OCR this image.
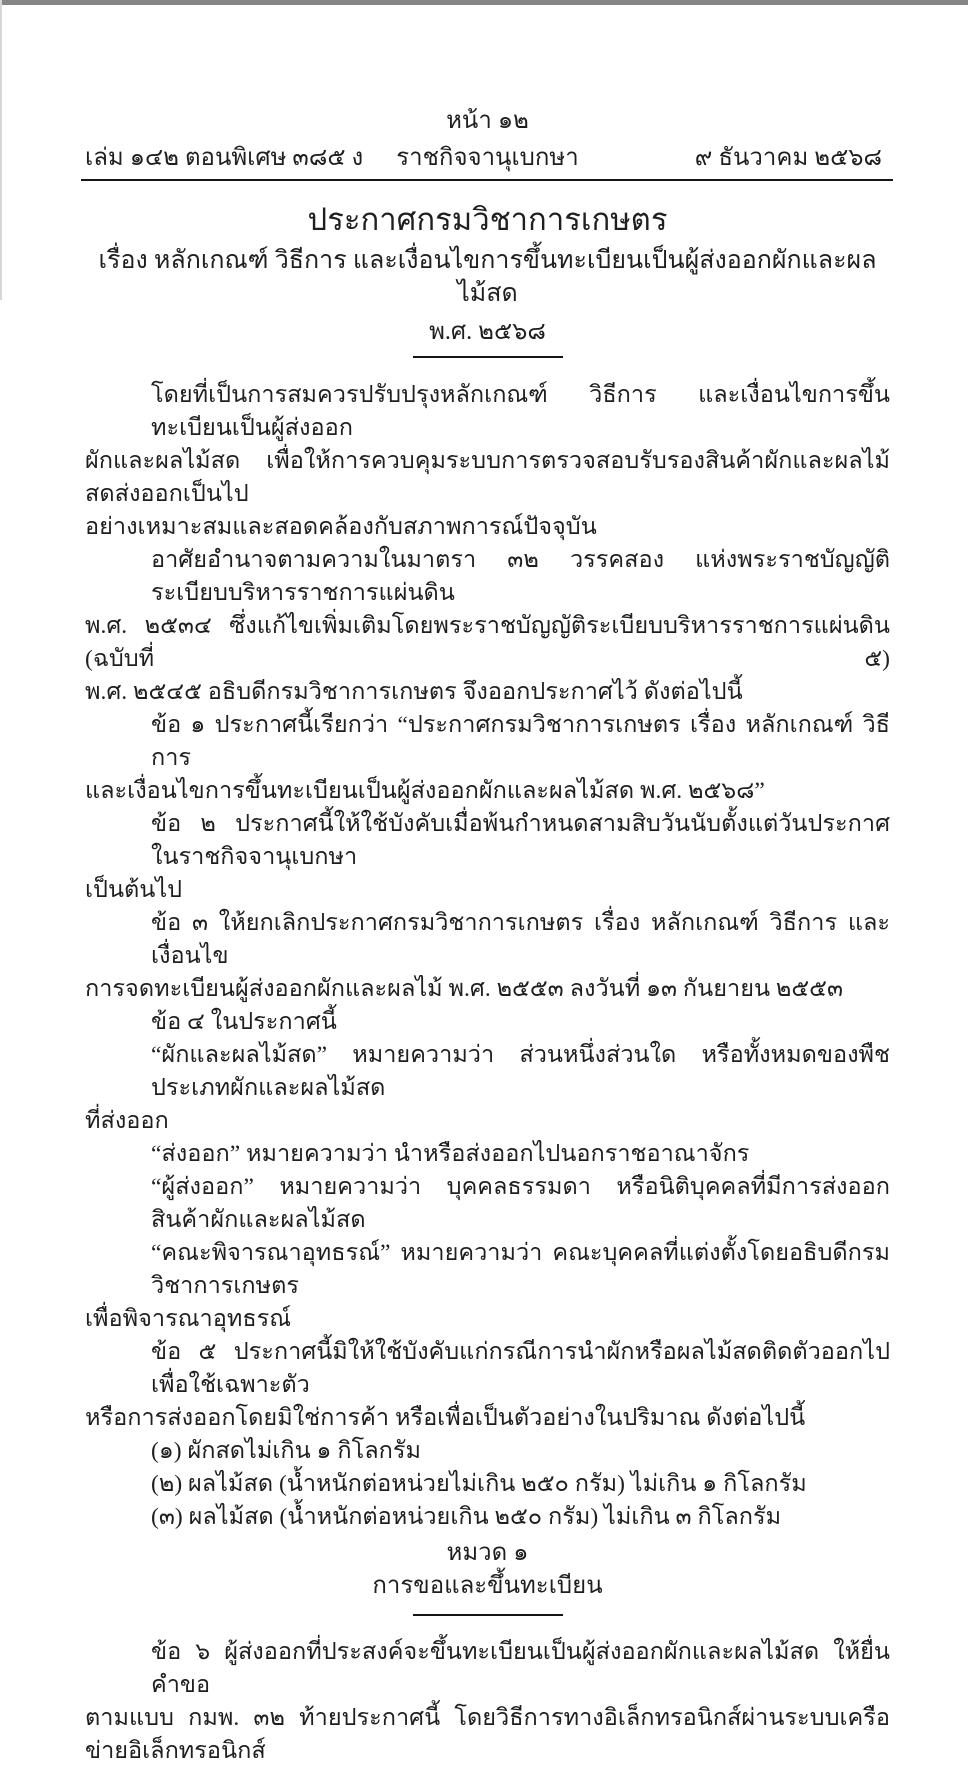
หน้า ๑๒
เล่ม ๑๔๒ ตอนพิเศษ ๓๘๕ ง	ราชกิจจานุเบกษา	๙ ธันวาคม ๒๕๖๘
ประกาศกรมวิชาการเกษตร
เรื่อง หลักเกณฑ์ วิธีการ และเงื่อนไขการขึ้นทะเบียนเป็นผู้ส่งออกผักและผลไม้สด
พ.ศ. ๒๕๖๘
โดยที่เป็นการสมควรปรับปรุงหลักเกณฑ์ วิธีการ และเงื่อนไขการขึ้นทะเบียนเป็นผู้ส่งออก
ผักและผลไม้สด เพื่อให้การควบคุมระบบการตรวจสอบรับรองสินค้าผักและผลไม้สดส่งออกเป็นไป
อย่างเหมาะสมและสอดคล้องกับสภาพการณ์ปัจจุบัน
อาศัยอำนาจตามความในมาตรา ๓๒ วรรคสอง แห่งพระราชบัญญัติระเบียบบริหารราชการแผ่นดิน
พ.ศ. ๒๕๓๔ ซึ่งแก้ไขเพิ่มเติมโดยพระราชบัญญัติระเบียบบริหารราชการแผ่นดิน (ฉบับที่ ๕)
พ.ศ. ๒๕๔๕ อธิบดีกรมวิชาการเกษตร จึงออกประกาศไว้ ดังต่อไปนี้
ข้อ ๑ ประกาศนี้เรียกว่า “ประกาศกรมวิชาการเกษตร เรื่อง หลักเกณฑ์ วิธีการ
และเงื่อนไขการขึ้นทะเบียนเป็นผู้ส่งออกผักและผลไม้สด พ.ศ. ๒๕๖๘”
ข้อ ๒ ประกาศนี้ให้ใช้บังคับเมื่อพ้นกำหนดสามสิบวันนับตั้งแต่วันประกาศในราชกิจจานุเบกษา
เป็นต้นไป
ข้อ ๓ ให้ยกเลิกประกาศกรมวิชาการเกษตร เรื่อง หลักเกณฑ์ วิธีการ และเงื่อนไข
การจดทะเบียนผู้ส่งออกผักและผลไม้ พ.ศ. ๒๕๕๓ ลงวันที่ ๑๓ กันยายน ๒๕๕๓
ข้อ ๔ ในประกาศนี้
“ผักและผลไม้สด” หมายความว่า ส่วนหนึ่งส่วนใด หรือทั้งหมดของพืชประเภทผักและผลไม้สด
ที่ส่งออก
“ส่งออก” หมายความว่า นำหรือส่งออกไปนอกราชอาณาจักร
“ผู้ส่งออก” หมายความว่า บุคคลธรรมดา หรือนิติบุคคลที่มีการส่งออกสินค้าผักและผลไม้สด
“คณะพิจารณาอุทธรณ์” หมายความว่า คณะบุคคลที่แต่งตั้งโดยอธิบดีกรมวิชาการเกษตร
เพื่อพิจารณาอุทธรณ์
ข้อ ๕ ประกาศนี้มิให้ใช้บังคับแก่กรณีการนำผักหรือผลไม้สดติดตัวออกไป เพื่อใช้เฉพาะตัว
หรือการส่งออกโดยมิใช่การค้า หรือเพื่อเป็นตัวอย่างในปริมาณ ดังต่อไปนี้
(๑) ผักสดไม่เกิน ๑ กิโลกรัม
(๒) ผลไม้สด (น้ำหนักต่อหน่วยไม่เกิน ๒๕๐ กรัม) ไม่เกิน ๑ กิโลกรัม
(๓) ผลไม้สด (น้ำหนักต่อหน่วยเกิน ๒๕๐ กรัม) ไม่เกิน ๓ กิโลกรัม
หมวด ๑
การขอและขึ้นทะเบียน
ข้อ ๖ ผู้ส่งออกที่ประสงค์จะขึ้นทะเบียนเป็นผู้ส่งออกผักและผลไม้สด ให้ยื่นคำขอ
ตามแบบ กมพ. ๓๒ ท้ายประกาศนี้ โดยวิธีการทางอิเล็กทรอนิกส์ผ่านระบบเครือข่ายอิเล็กทรอนิกส์
